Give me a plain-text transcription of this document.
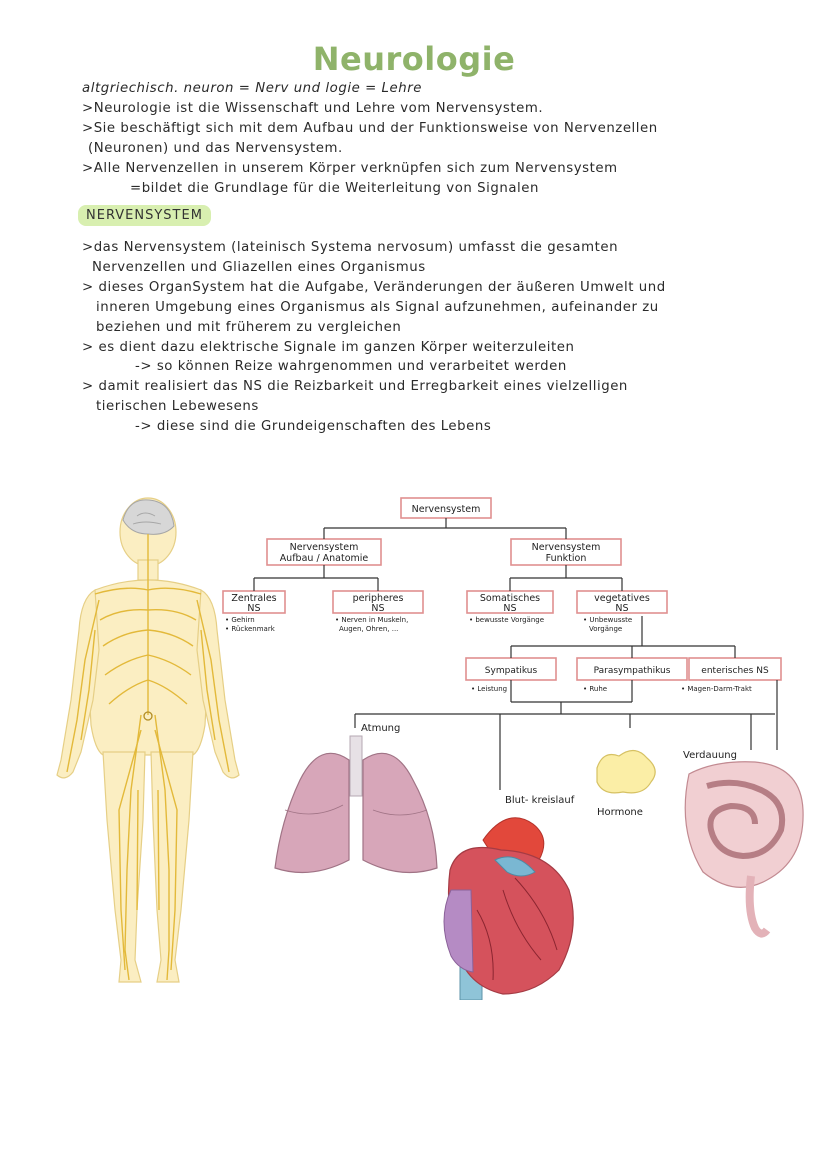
Neurologie
altgriechisch. neuron = Nerv und logie = Lehre
>Neurologie ist die Wissenschaft und Lehre vom Nervensystem.
>Sie beschäftigt sich mit dem Aufbau und der Funktionsweise von Nervenzellen
(Neuronen) und das Nervensystem.
>Alle Nervenzellen in unserem Körper verknüpfen sich zum Nervensystem
=bildet die Grundlage für die Weiterleitung von Signalen
NERVENSYSTEM
>das Nervensystem (lateinisch Systema nervosum) umfasst die gesamten
Nervenzellen und Gliazellen eines Organismus
> dieses OrganSystem hat die Aufgabe, Veränderungen der äußeren Umwelt und
inneren Umgebung eines Organismus als Signal aufzunehmen, aufeinander zu
beziehen und mit früherem zu vergleichen
> es dient dazu elektrische Signale im ganzen Körper weiterzuleiten
-> so können Reize wahrgenommen und verarbeitet werden
> damit realisiert das NS die Reizbarkeit und Erregbarkeit eines vielzelligen
tierischen Lebewesens
-> diese sind die Grundeigenschaften des Lebens
Nervensystem
Nervensystem
Aufbau / Anatomie
Nervensystem
Funktion
Zentrales
NS
peripheres
NS
Somatisches
NS
vegetatives
NS
• Gehirn
• Rückenmark
• Nerven in Muskeln,
Augen, Ohren, ...
• bewusste Vorgänge	• Unbewusste
Vorgänge
Sympatikus	Parasympathikus	enterisches NS
• Leistung	• Ruhe	• Magen-Darm-Trakt
Atmung
Blut- kreislauf
Hormone
Verdauung
